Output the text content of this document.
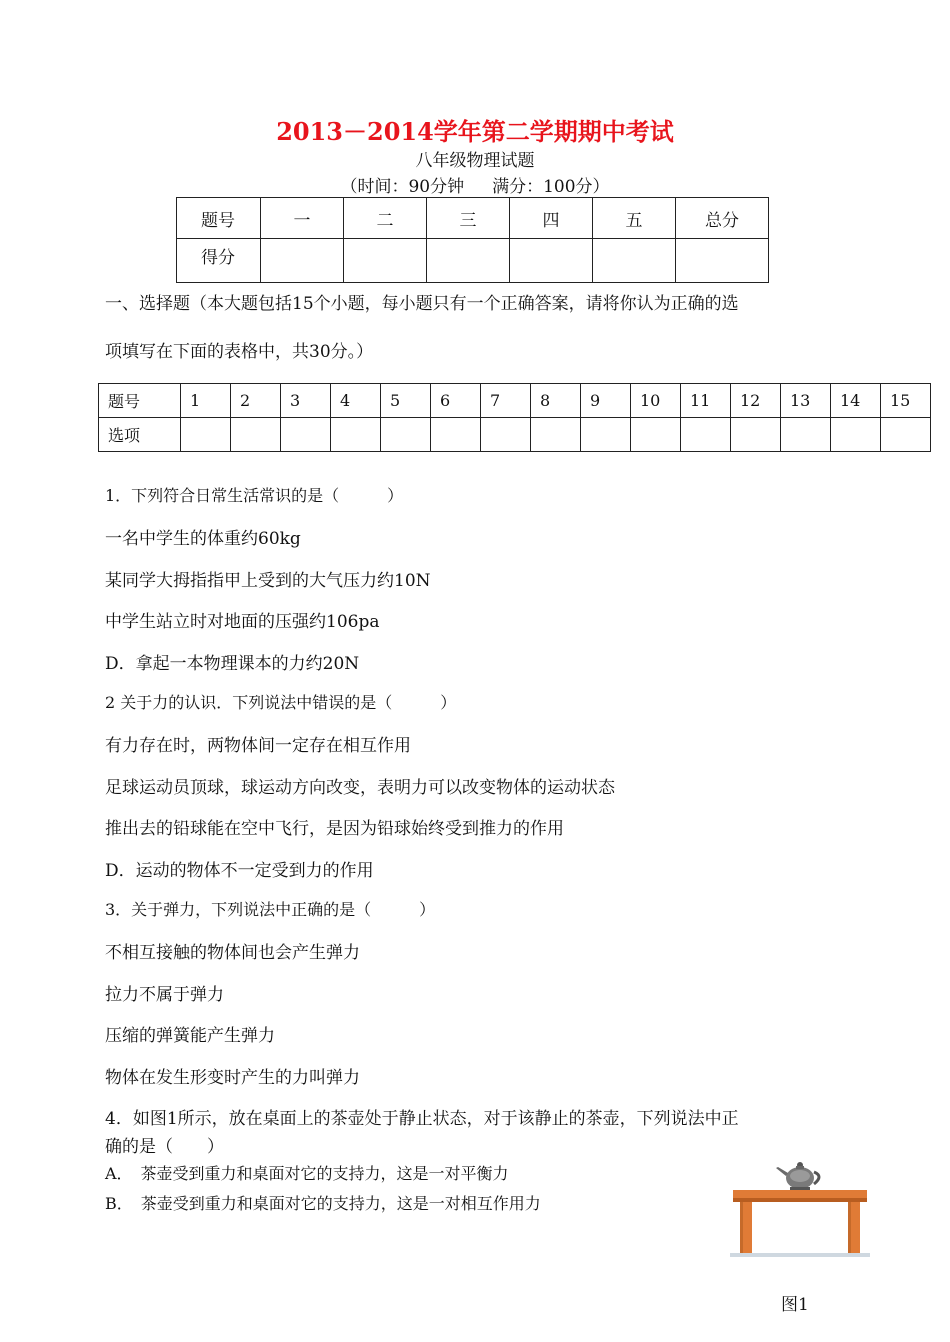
2013－2014学年第二学期期中考试
八年级物理试题
（时间：90分钟 满分：100分）
题号	一	二	三	四	五	总分
得分						
一、选择题（本大题包括15个小题，每小题只有一个正确答案，请将你认为正确的选
项填写在下面的表格中，共30分。）
题号	1	2	3	4	5	6	7	8	9	10	11	12	13	14	15
选项															
1．下列符合日常生活常识的是（　　　）
一名中学生的体重约60kg
某同学大拇指指甲上受到的大气压力约10N
中学生站立时对地面的压强约106pa
D．拿起一本物理课本的力约20N
2 关于力的认识．下列说法中错误的是（　　　）
有力存在时，两物体间一定存在相互作用
足球运动员顶球，球运动方向改变，表明力可以改变物体的运动状态
推出去的铅球能在空中飞行，是因为铅球始终受到推力的作用
D．运动的物体不一定受到力的作用
3．关于弹力，下列说法中正确的是（　　　）
不相互接触的物体间也会产生弹力
拉力不属于弹力
压缩的弹簧能产生弹力
物体在发生形变时产生的力叫弹力
4．如图1所示，放在桌面上的茶壶处于静止状态，对于该静止的茶壶，下列说法中正
确的是（　　）
A．　茶壶受到重力和桌面对它的支持力，这是一对平衡力
B．　茶壶受到重力和桌面对它的支持力，这是一对相互作用力
图1
